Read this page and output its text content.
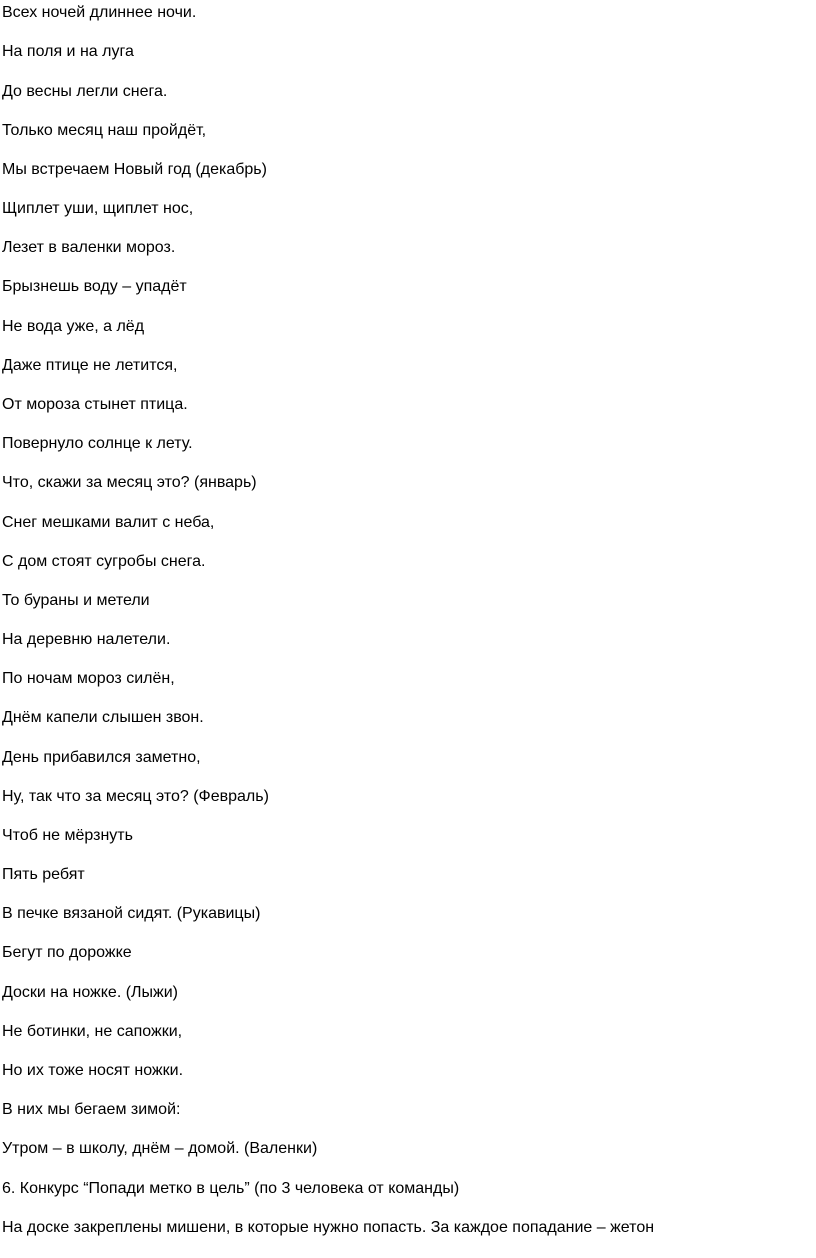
Всех ночей длиннее ночи.

На поля и на луга

До весны легли снега.

Только месяц наш пройдёт,

Мы встречаем Новый год (декабрь)

Щиплет уши, щиплет нос,

Лезет в валенки мороз.

Брызнешь воду – упадёт

Не вода уже, а лёд

Даже птице не летится,

От мороза стынет птица.

Повернуло солнце к лету.

Что, скажи за месяц это? (январь)

Снег мешками валит с неба,

С дом стоят сугробы снега.

То бураны и метели

На деревню налетели.

По ночам мороз силён,

Днём капели слышен звон.

День прибавился заметно,

Ну, так что за месяц это? (Февраль)

Чтоб не мёрзнуть

Пять ребят

В печке вязаной сидят. (Рукавицы)

Бегут по дорожке

Доски на ножке. (Лыжи)

Не ботинки, не сапожки,

Но их тоже носят ножки.

В них мы бегаем зимой:

Утром – в школу, днём – домой. (Валенки)

6. Конкурс “Попади метко в цель” (по 3 человека от команды)

На доске закреплены мишени, в которые нужно попасть. За каждое попадание – жетон
